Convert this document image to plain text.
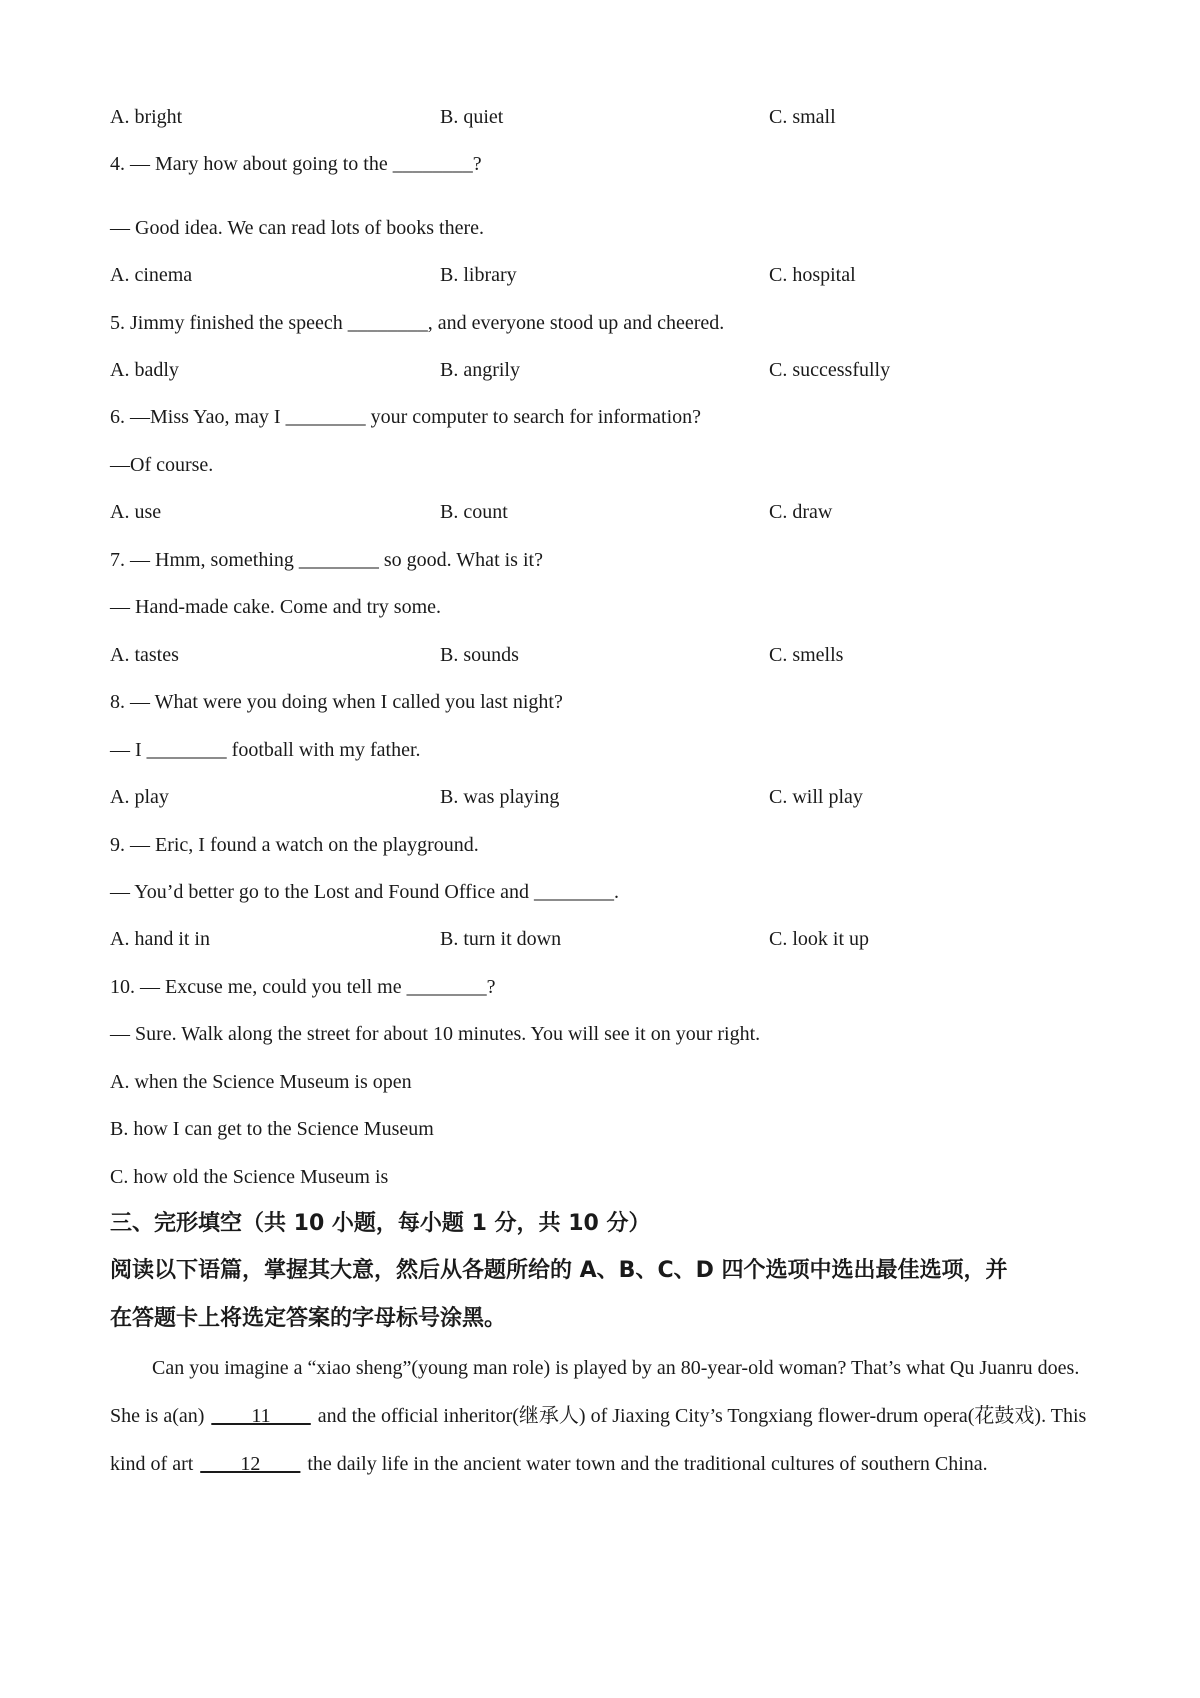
A. bright	B. quiet	C. small
4. — Mary how about going to the ________?
— Good idea. We can read lots of books there.
A. cinema	B. library	C. hospital
5. Jimmy finished the speech ________, and everyone stood up and cheered.
A. badly	B. angrily	C. successfully
6. —Miss Yao, may I ________ your computer to search for information?
—Of course.
A. use	B. count	C. draw
7. — Hmm, something ________ so good. What is it?
— Hand-made cake. Come and try some.
A. tastes	B. sounds	C. smells
8. — What were you doing when I called you last night?
— I ________ football with my father.
A. play	B. was playing	C. will play
9. — Eric, I found a watch on the playground.
— You’d better go to the Lost and Found Office and ________.
A. hand it in	B. turn it down	C. look it up
10. — Excuse me, could you tell me ________?
— Sure. Walk along the street for about 10 minutes. You will see it on your right.
A. when the Science Museum is open
B. how I can get to the Science Museum
C. how old the Science Museum is
三、完形填空（共 10 小题，每小题 1 分，共 10 分）
阅读以下语篇，掌握其大意，然后从各题所给的 A、B、C、D 四个选项中选出最佳选项，并
在答题卡上将选定答案的字母标号涂黑。
Can you imagine a “xiao sheng”(young man role) is played by an 80-year-old woman? That’s what Qu Juanru does. She is a(an) ____11____ and the official inheritor(继承人) of Jiaxing City’s Tongxiang flower-drum opera(花鼓戏). This kind of art ____12____ the daily life in the ancient water town and the traditional cultures of southern China.
